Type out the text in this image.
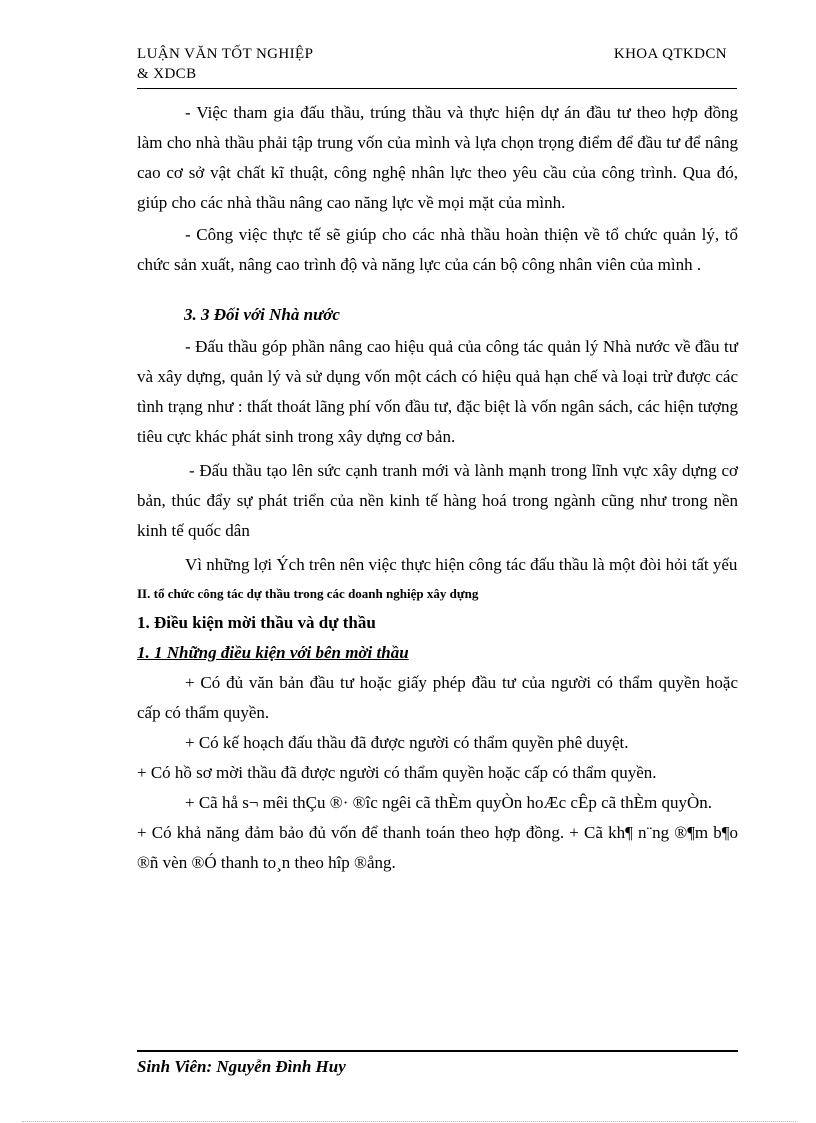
LUẬN VĂN TỐT NGHIỆP
& XDCB
KHOA QTKDCN

- Việc tham gia đấu thầu, trúng thầu và thực hiện dự án đầu tư theo hợp đồng làm cho nhà thầu phải tập trung vốn của mình và lựa chọn trọng điểm để đầu tư để nâng cao cơ sở vật chất kĩ thuật, công nghệ nhân lực theo yêu cầu của công trình. Qua đó, giúp cho các nhà thầu nâng cao năng lực về mọi mặt của mình.

- Công việc thực tế sẽ giúp cho các nhà thầu hoàn thiện về tổ chức quản lý, tổ chức sản xuất, nâng cao trình độ và năng lực của cán bộ công nhân viên của mình .

3. 3 Đối với Nhà nước

- Đấu thầu góp phần nâng cao hiệu quả của công tác quản lý Nhà nước về đầu tư và xây dựng, quản lý và sử dụng vốn một cách có hiệu quả hạn chế và loại trừ được các tình trạng như : thất thoát lãng phí vốn đầu tư, đặc biệt là vốn ngân sách, các hiện tượng tiêu cực khác phát sinh trong xây dựng cơ bản.

- Đấu thầu tạo lên sức cạnh tranh mới và lành mạnh trong lĩnh vực xây dựng cơ bản, thúc đẩy sự phát triển của nền kinh tế hàng hoá trong ngành cũng như trong nền kinh tế quốc dân

Vì những lợi Ých trên nên việc thực hiện công tác đấu thầu là một đòi hỏi tất yếu

II. tổ chức công tác dự thầu trong các doanh nghiệp xây dựng

1. Điều kiện mời thầu và dự thầu

1. 1 Những điều kiện với bên mời thầu

+ Có đủ văn bản đầu tư hoặc giấy phép đầu tư của người có thẩm quyền hoặc cấp có thẩm quyền.

+ Có kế hoạch đấu thầu đã được người có thẩm quyền phê duyệt.

+ Có hồ sơ mời thầu đã được người có thẩm quyền hoặc cấp có thẩm quyền.

+ Cã hå s¬ mêi thÇu ®· ®îc ngêi cã thÈm quyÒn hoÆc cÊp cã thÈm quyÒn.

+ Có khả năng đảm bảo đủ vốn để thanh toán theo hợp đồng. + Cã kh¶ n¨ng ®¶m b¶o ®ñ vèn ®Ó thanh to¸n theo hîp ®ång.

Sinh Viên: Nguyễn Đình Huy
